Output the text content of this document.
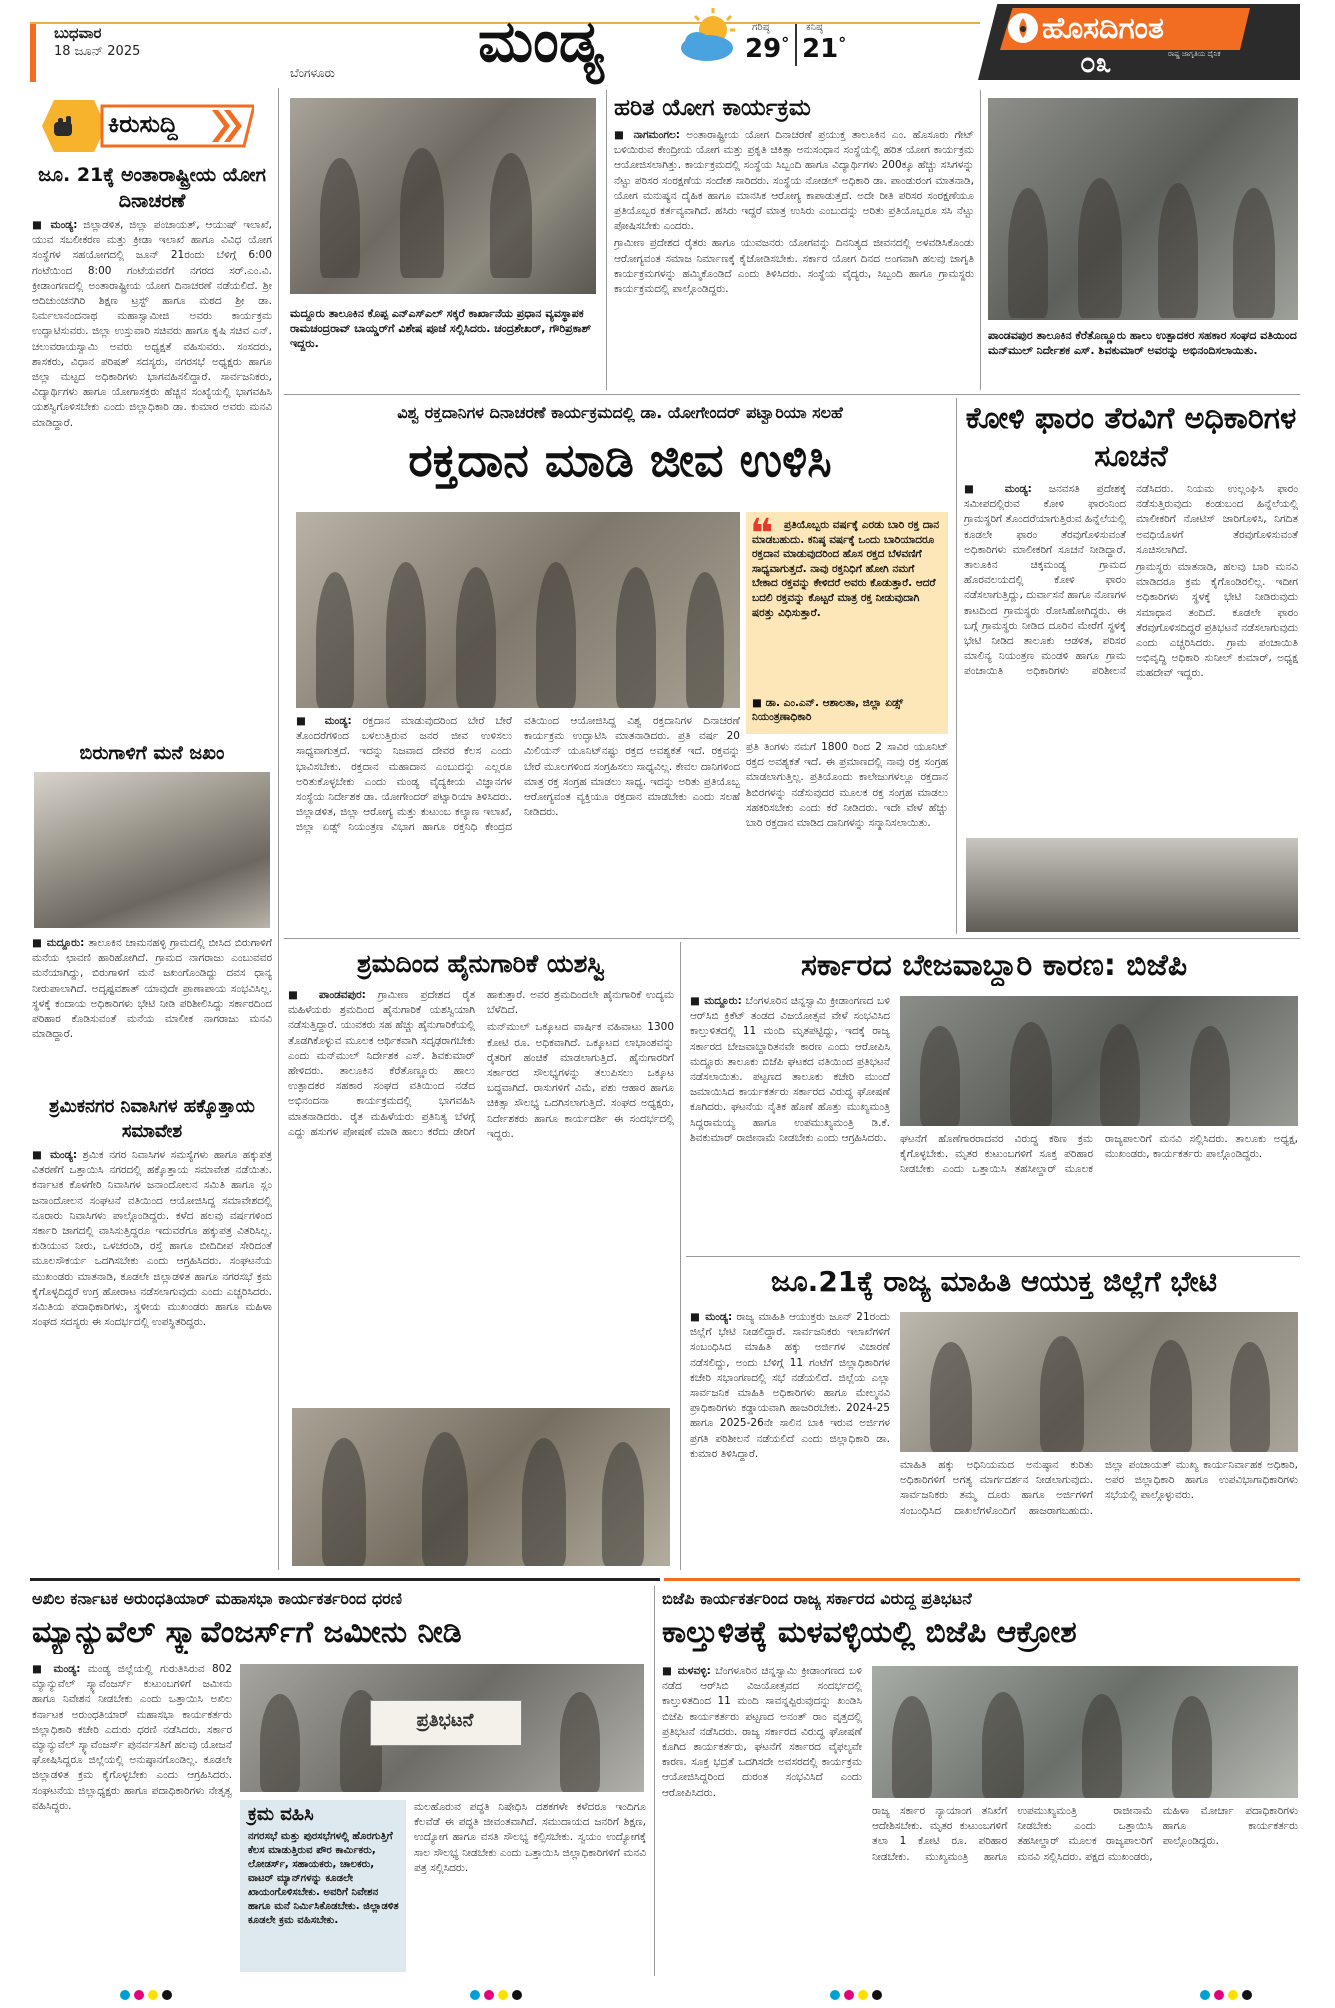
ಬುಧವಾರ
18 ಜೂನ್ 2025
ಬೆಂಗಳೂರು ಮಂಡ್ಯ	ಗರಿಷ್ಠ
29°
ಕನಿಷ್ಠ
21°	ಹೊಸದಿಗಂತ
ರಾಷ್ಟ್ರ ಜಾಗೃತಿಯ ದೈನಿಕ
೦೩
ಕಿರುಸುದ್ದಿ
ಜೂ. 21ಕ್ಕೆ ಅಂತಾರಾಷ್ಟ್ರೀಯ ಯೋಗ ದಿನಾಚರಣೆ
■ ಮಂಡ್ಯ: ಜಿಲ್ಲಾಡಳಿತ, ಜಿಲ್ಲಾ ಪಂಚಾಯತ್, ಆಯುಷ್ ಇಲಾಖೆ, ಯುವ ಸಬಲೀಕರಣ ಮತ್ತು ಕ್ರೀಡಾ ಇಲಾಖೆ ಹಾಗೂ ವಿವಿಧ ಯೋಗ ಸಂಸ್ಥೆಗಳ ಸಹಯೋಗದಲ್ಲಿ ಜೂನ್ 21ರಂದು ಬೆಳಿಗ್ಗೆ 6:00 ಗಂಟೆಯಿಂದ 8:00 ಗಂಟೆಯವರೆಗೆ ನಗರದ ಸರ್.ಎಂ.ವಿ. ಕ್ರೀಡಾಂಗಣದಲ್ಲಿ ಅಂತಾರಾಷ್ಟ್ರೀಯ ಯೋಗ ದಿನಾಚರಣೆ ನಡೆಯಲಿದೆ. ಶ್ರೀ ಆದಿಚುಂಚನಗಿರಿ ಶಿಕ್ಷಣ ಟ್ರಸ್ಟ್ ಹಾಗೂ ಮಠದ ಶ್ರೀ ಡಾ. ನಿರ್ಮಲಾನಂದನಾಥ ಮಹಾಸ್ವಾಮೀಜಿ ಅವರು ಕಾರ್ಯಕ್ರಮ ಉದ್ಘಾಟಿಸುವರು. ಜಿಲ್ಲಾ ಉಸ್ತುವಾರಿ ಸಚಿವರು ಹಾಗೂ ಕೃಷಿ ಸಚಿವ ಎನ್. ಚಲುವರಾಯಸ್ವಾಮಿ ಅವರು ಅಧ್ಯಕ್ಷತೆ ವಹಿಸುವರು. ಸಂಸದರು, ಶಾಸಕರು, ವಿಧಾನ ಪರಿಷತ್ ಸದಸ್ಯರು, ನಗರಸಭೆ ಅಧ್ಯಕ್ಷರು ಹಾಗೂ ಜಿಲ್ಲಾ ಮಟ್ಟದ ಅಧಿಕಾರಿಗಳು ಭಾಗವಹಿಸಲಿದ್ದಾರೆ. ಸಾರ್ವಜನಿಕರು, ವಿದ್ಯಾರ್ಥಿಗಳು ಹಾಗೂ ಯೋಗಾಸಕ್ತರು ಹೆಚ್ಚಿನ ಸಂಖ್ಯೆಯಲ್ಲಿ ಭಾಗವಹಿಸಿ ಯಶಸ್ವಿಗೊಳಿಸಬೇಕು ಎಂದು ಜಿಲ್ಲಾಧಿಕಾರಿ ಡಾ. ಕುಮಾರ ಅವರು ಮನವಿ ಮಾಡಿದ್ದಾರೆ.
ಬಿರುಗಾಳಿಗೆ ಮನೆ ಜಖಂ
■ ಮದ್ದೂರು: ತಾಲೂಕಿನ ಚಾಮನಹಳ್ಳಿ ಗ್ರಾಮದಲ್ಲಿ ಬೀಸಿದ ಬಿರುಗಾಳಿಗೆ ಮನೆಯ ಛಾವಣಿ ಹಾರಿಹೋಗಿದೆ. ಗ್ರಾಮದ ನಾಗರಾಜು ಎಂಬುವವರ ಮನೆಯಾಗಿದ್ದು, ಬಿರುಗಾಳಿಗೆ ಮನೆ ಜಖಂಗೊಂಡಿದ್ದು ದವಸ ಧಾನ್ಯ ನೀರುಪಾಲಾಗಿದೆ. ಅದೃಷ್ಟವಶಾತ್ ಯಾವುದೇ ಪ್ರಾಣಾಪಾಯ ಸಂಭವಿಸಿಲ್ಲ. ಸ್ಥಳಕ್ಕೆ ಕಂದಾಯ ಅಧಿಕಾರಿಗಳು ಭೇಟಿ ನೀಡಿ ಪರಿಶೀಲಿಸಿದ್ದು ಸರ್ಕಾರದಿಂದ ಪರಿಹಾರ ಕೊಡಿಸುವಂತೆ ಮನೆಯ ಮಾಲೀಕ ನಾಗರಾಜು ಮನವಿ ಮಾಡಿದ್ದಾರೆ.
ಶ್ರಮಿಕನಗರ ನಿವಾಸಿಗಳ ಹಕ್ಕೊತ್ತಾಯ ಸಮಾವೇಶ
■ ಮಂಡ್ಯ: ಶ್ರಮಿಕ ನಗರ ನಿವಾಸಿಗಳ ಸಮಸ್ಯೆಗಳು ಹಾಗೂ ಹಕ್ಕುಪತ್ರ ವಿತರಣೆಗೆ ಒತ್ತಾಯಿಸಿ ನಗರದಲ್ಲಿ ಹಕ್ಕೊತ್ತಾಯ ಸಮಾವೇಶ ನಡೆಯಿತು. ಕರ್ನಾಟಕ ಕೊಳಗೇರಿ ನಿವಾಸಿಗಳ ಜನಾಂದೋಲನ ಸಮಿತಿ ಹಾಗೂ ಸ್ಲಂ ಜನಾಂದೋಲನ ಸಂಘಟನೆ ವತಿಯಿಂದ ಆಯೋಜಿಸಿದ್ದ ಸಮಾವೇಶದಲ್ಲಿ ನೂರಾರು ನಿವಾಸಿಗಳು ಪಾಲ್ಗೊಂಡಿದ್ದರು. ಕಳೆದ ಹಲವು ವರ್ಷಗಳಿಂದ ಸರ್ಕಾರಿ ಜಾಗದಲ್ಲಿ ವಾಸಿಸುತ್ತಿದ್ದರೂ ಇದುವರೆಗೂ ಹಕ್ಕುಪತ್ರ ವಿತರಿಸಿಲ್ಲ. ಕುಡಿಯುವ ನೀರು, ಒಳಚರಂಡಿ, ರಸ್ತೆ ಹಾಗೂ ಬೀದಿದೀಪ ಸೇರಿದಂತೆ ಮೂಲಸೌಕರ್ಯ ಒದಗಿಸಬೇಕು ಎಂದು ಆಗ್ರಹಿಸಿದರು. ಸಂಘಟನೆಯ ಮುಖಂಡರು ಮಾತನಾಡಿ, ಕೂಡಲೇ ಜಿಲ್ಲಾಡಳಿತ ಹಾಗೂ ನಗರಸಭೆ ಕ್ರಮ ಕೈಗೊಳ್ಳದಿದ್ದರೆ ಉಗ್ರ ಹೋರಾಟ ನಡೆಸಲಾಗುವುದು ಎಂದು ಎಚ್ಚರಿಸಿದರು. ಸಮಿತಿಯ ಪದಾಧಿಕಾರಿಗಳು, ಸ್ಥಳೀಯ ಮುಖಂಡರು ಹಾಗೂ ಮಹಿಳಾ ಸಂಘದ ಸದಸ್ಯರು ಈ ಸಂದರ್ಭದಲ್ಲಿ ಉಪಸ್ಥಿತರಿದ್ದರು.
ಮದ್ದೂರು ತಾಲೂಕಿನ ಕೊಪ್ಪ ಎನ್‌ಎಸ್‌ಎಲ್ ಸಕ್ಕರೆ ಕಾರ್ಖಾನೆಯ ಪ್ರಧಾನ ವ್ಯವಸ್ಥಾಪಕ ರಾಮಚಂದ್ರರಾವ್ ಬಾಯ್ಡರ್‌ಗೆ ವಿಶೇಷ ಪೂಜೆ ಸಲ್ಲಿಸಿದರು. ಚಂದ್ರಶೇಖರ್, ಗೌರಿಪ್ರಕಾಶ್ ಇದ್ದರು.
ಹರಿತ ಯೋಗ ಕಾರ್ಯಕ್ರಮ

■ ನಾಗಮಂಗಲ: ಅಂತಾರಾಷ್ಟ್ರೀಯ ಯೋಗ ದಿನಾಚರಣೆ ಪ್ರಯುಕ್ತ ತಾಲೂಕಿನ ಎಂ. ಹೊಸೂರು ಗೇಟ್ ಬಳಿಯಿರುವ ಕೇಂದ್ರೀಯ ಯೋಗ ಮತ್ತು ಪ್ರಕೃತಿ ಚಿಕಿತ್ಸಾ ಅನುಸಂಧಾನ ಸಂಸ್ಥೆಯಲ್ಲಿ ಹರಿತ ಯೋಗ ಕಾರ್ಯಕ್ರಮ ಆಯೋಜಿಸಲಾಗಿತ್ತು. ಕಾರ್ಯಕ್ರಮದಲ್ಲಿ ಸಂಸ್ಥೆಯ ಸಿಬ್ಬಂದಿ ಹಾಗೂ ವಿದ್ಯಾರ್ಥಿಗಳು 200ಕ್ಕೂ ಹೆಚ್ಚು ಸಸಿಗಳನ್ನು ನೆಟ್ಟು ಪರಿಸರ ಸಂರಕ್ಷಣೆಯ ಸಂದೇಶ ಸಾರಿದರು. ಸಂಸ್ಥೆಯ ನೋಡಲ್ ಅಧಿಕಾರಿ ಡಾ. ಪಾಂಡುರಂಗ ಮಾತನಾಡಿ, ಯೋಗ ಮನುಷ್ಯನ ದೈಹಿಕ ಹಾಗೂ ಮಾನಸಿಕ ಆರೋಗ್ಯ ಕಾಪಾಡುತ್ತದೆ. ಅದೇ ರೀತಿ ಪರಿಸರ ಸಂರಕ್ಷಣೆಯೂ ಪ್ರತಿಯೊಬ್ಬರ ಕರ್ತವ್ಯವಾಗಿದೆ. ಹಸಿರು ಇದ್ದರೆ ಮಾತ್ರ ಉಸಿರು ಎಂಬುದನ್ನು ಅರಿತು ಪ್ರತಿಯೊಬ್ಬರೂ ಸಸಿ ನೆಟ್ಟು ಪೋಷಿಸಬೇಕು ಎಂದರು.

ಗ್ರಾಮೀಣ ಪ್ರದೇಶದ ರೈತರು ಹಾಗೂ ಯುವಜನರು ಯೋಗವನ್ನು ದಿನನಿತ್ಯದ ಜೀವನದಲ್ಲಿ ಅಳವಡಿಸಿಕೊಂಡು ಆರೋಗ್ಯವಂತ ಸಮಾಜ ನಿರ್ಮಾಣಕ್ಕೆ ಕೈಜೋಡಿಸಬೇಕು. ಸರ್ಕಾರ ಯೋಗ ದಿನದ ಅಂಗವಾಗಿ ಹಲವು ಜಾಗೃತಿ ಕಾರ್ಯಕ್ರಮಗಳನ್ನು ಹಮ್ಮಿಕೊಂಡಿದೆ ಎಂದು ತಿಳಿಸಿದರು. ಸಂಸ್ಥೆಯ ವೈದ್ಯರು, ಸಿಬ್ಬಂದಿ ಹಾಗೂ ಗ್ರಾಮಸ್ಥರು ಕಾರ್ಯಕ್ರಮದಲ್ಲಿ ಪಾಲ್ಗೊಂಡಿದ್ದರು.

ಪಾಂಡವಪುರ ತಾಲೂಕಿನ ಕೆರೆತೊಣ್ಣೂರು ಹಾಲು ಉತ್ಪಾದಕರ ಸಹಕಾರ ಸಂಘದ ವತಿಯಿಂದ ಮನ್‌ಮುಲ್ ನಿರ್ದೇಶಕ ಎಸ್. ಶಿವಕುಮಾರ್ ಅವರನ್ನು ಅಭಿನಂದಿಸಲಾಯಿತು.
ವಿಶ್ವ ರಕ್ತದಾನಿಗಳ ದಿನಾಚರಣೆ ಕಾರ್ಯಕ್ರಮದಲ್ಲಿ ಡಾ. ಯೋಗೇಂದರ್ ಪಟ್ವಾರಿಯಾ ಸಲಹೆ
ರಕ್ತದಾನ ಮಾಡಿ ಜೀವ ಉಳಿಸಿ
❝	ಪ್ರತಿಯೊಬ್ಬರು ವರ್ಷಕ್ಕೆ ಎರಡು ಬಾರಿ ರಕ್ತ ದಾನ ಮಾಡಬಹುದು. ಕನಿಷ್ಠ ವರ್ಷಕ್ಕೆ ಒಂದು ಬಾರಿಯಾದರೂ ರಕ್ತದಾನ ಮಾಡುವುದರಿಂದ ಹೊಸ ರಕ್ತದ ಬೆಳವಣಿಗೆ ಸಾಧ್ಯವಾಗುತ್ತದೆ. ನಾವು ರಕ್ತನಿಧಿಗೆ ಹೋಗಿ ನಮಗೆ ಬೇಕಾದ ರಕ್ತವನ್ನು ಕೇಳಿದರೆ ಅವರು ಕೊಡುತ್ತಾರೆ. ಆದರೆ ಬದಲಿ ರಕ್ತವನ್ನು ಕೊಟ್ಟರೆ ಮಾತ್ರ ರಕ್ತ ನೀಡುವುದಾಗಿ ಷರತ್ತು ವಿಧಿಸುತ್ತಾರೆ.
■ ಡಾ. ಎಂ.ಎನ್. ಆಶಾಲತಾ, ಜಿಲ್ಲಾ ಏಡ್ಸ್ ನಿಯಂತ್ರಣಾಧಿಕಾರಿ
■ ಮಂಡ್ಯ: ರಕ್ತದಾನ ಮಾಡುವುದರಿಂದ ಬೇರೆ ಬೇರೆ ತೊಂದರೆಗಳಿಂದ ಬಳಲುತ್ತಿರುವ ಜನರ ಜೀವ ಉಳಿಸಲು ಸಾಧ್ಯವಾಗುತ್ತದೆ. ಇದನ್ನು ನಿಜವಾದ ದೇವರ ಕೆಲಸ ಎಂದು ಭಾವಿಸಬೇಕು. ರಕ್ತದಾನ ಮಹಾದಾನ ಎಂಬುದನ್ನು ಎಲ್ಲರೂ ಅರಿತುಕೊಳ್ಳಬೇಕು ಎಂದು ಮಂಡ್ಯ ವೈದ್ಯಕೀಯ ವಿಜ್ಞಾನಗಳ ಸಂಸ್ಥೆಯ ನಿರ್ದೇಶಕ ಡಾ. ಯೋಗೇಂದರ್ ಪಟ್ವಾರಿಯಾ ತಿಳಿಸಿದರು. ಜಿಲ್ಲಾಡಳಿತ, ಜಿಲ್ಲಾ ಆರೋಗ್ಯ ಮತ್ತು ಕುಟುಂಬ ಕಲ್ಯಾಣ ಇಲಾಖೆ, ಜಿಲ್ಲಾ ಏಡ್ಸ್ ನಿಯಂತ್ರಣ ವಿಭಾಗ ಹಾಗೂ ರಕ್ತನಿಧಿ ಕೇಂದ್ರದ ವತಿಯಿಂದ ಆಯೋಜಿಸಿದ್ದ ವಿಶ್ವ ರಕ್ತದಾನಿಗಳ ದಿನಾಚರಣೆ ಕಾರ್ಯಕ್ರಮ ಉದ್ಘಾಟಿಸಿ ಮಾತನಾಡಿದರು. ಪ್ರತಿ ವರ್ಷ 20 ಮಿಲಿಯನ್ ಯೂನಿಟ್‌ನಷ್ಟು ರಕ್ತದ ಅವಶ್ಯಕತೆ ಇದೆ. ರಕ್ತವನ್ನು ಬೇರೆ ಮೂಲಗಳಿಂದ ಸಂಗ್ರಹಿಸಲು ಸಾಧ್ಯವಿಲ್ಲ. ಕೇವಲ ದಾನಿಗಳಿಂದ ಮಾತ್ರ ರಕ್ತ ಸಂಗ್ರಹ ಮಾಡಲು ಸಾಧ್ಯ. ಇದನ್ನು ಅರಿತು ಪ್ರತಿಯೊಬ್ಬ ಆರೋಗ್ಯವಂತ ವ್ಯಕ್ತಿಯೂ ರಕ್ತದಾನ ಮಾಡಬೇಕು ಎಂದು ಸಲಹೆ ನೀಡಿದರು.
ಪ್ರತಿ ತಿಂಗಳು ನಮಗೆ 1800 ರಿಂದ 2 ಸಾವಿರ ಯೂನಿಟ್ ರಕ್ತದ ಅವಶ್ಯಕತೆ ಇದೆ. ಈ ಪ್ರಮಾಣದಲ್ಲಿ ನಾವು ರಕ್ತ ಸಂಗ್ರಹ ಮಾಡಲಾಗುತ್ತಿಲ್ಲ. ಪ್ರತಿಯೊಂದು ಕಾಲೇಜುಗಳಲ್ಲೂ ರಕ್ತದಾನ ಶಿಬಿರಗಳನ್ನು ನಡೆಸುವುದರ ಮೂಲಕ ರಕ್ತ ಸಂಗ್ರಹ ಮಾಡಲು ಸಹಕರಿಸಬೇಕು ಎಂದು ಕರೆ ನೀಡಿದರು. ಇದೇ ವೇಳೆ ಹೆಚ್ಚು ಬಾರಿ ರಕ್ತದಾನ ಮಾಡಿದ ದಾನಿಗಳನ್ನು ಸನ್ಮಾನಿಸಲಾಯಿತು.
ಕೋಳಿ ಫಾರಂ ತೆರವಿಗೆ ಅಧಿಕಾರಿಗಳ ಸೂಚನೆ

■ ಮಂಡ್ಯ: ಜನವಸತಿ ಪ್ರದೇಶಕ್ಕೆ ಸಮೀಪದಲ್ಲಿರುವ ಕೋಳಿ ಫಾರಂನಿಂದ ಗ್ರಾಮಸ್ಥರಿಗೆ ತೊಂದರೆಯಾಗುತ್ತಿರುವ ಹಿನ್ನೆಲೆಯಲ್ಲಿ ಕೂಡಲೇ ಫಾರಂ ತೆರವುಗೊಳಿಸುವಂತೆ ಅಧಿಕಾರಿಗಳು ಮಾಲೀಕರಿಗೆ ಸೂಚನೆ ನೀಡಿದ್ದಾರೆ. ತಾಲೂಕಿನ ಚಿಕ್ಕಮಂಡ್ಯ ಗ್ರಾಮದ ಹೊರವಲಯದಲ್ಲಿ ಕೋಳಿ ಫಾರಂ ನಡೆಸಲಾಗುತ್ತಿದ್ದು, ದುರ್ವಾಸನೆ ಹಾಗೂ ನೊಣಗಳ ಕಾಟದಿಂದ ಗ್ರಾಮಸ್ಥರು ರೋಸಿಹೋಗಿದ್ದರು. ಈ ಬಗ್ಗೆ ಗ್ರಾಮಸ್ಥರು ನೀಡಿದ ದೂರಿನ ಮೇರೆಗೆ ಸ್ಥಳಕ್ಕೆ ಭೇಟಿ ನೀಡಿದ ತಾಲೂಕು ಆಡಳಿತ, ಪರಿಸರ ಮಾಲಿನ್ಯ ನಿಯಂತ್ರಣ ಮಂಡಳಿ ಹಾಗೂ ಗ್ರಾಮ ಪಂಚಾಯಿತಿ ಅಧಿಕಾರಿಗಳು ಪರಿಶೀಲನೆ ನಡೆಸಿದರು. ನಿಯಮ ಉಲ್ಲಂಘಿಸಿ ಫಾರಂ ನಡೆಸುತ್ತಿರುವುದು ಕಂಡುಬಂದ ಹಿನ್ನೆಲೆಯಲ್ಲಿ ಮಾಲೀಕರಿಗೆ ನೋಟಿಸ್ ಜಾರಿಗೊಳಿಸಿ, ನಿಗದಿತ ಅವಧಿಯೊಳಗೆ ತೆರವುಗೊಳಿಸುವಂತೆ ಸೂಚಿಸಲಾಗಿದೆ.

ಗ್ರಾಮಸ್ಥರು ಮಾತನಾಡಿ, ಹಲವು ಬಾರಿ ಮನವಿ ಮಾಡಿದರೂ ಕ್ರಮ ಕೈಗೊಂಡಿರಲಿಲ್ಲ. ಇದೀಗ ಅಧಿಕಾರಿಗಳು ಸ್ಥಳಕ್ಕೆ ಭೇಟಿ ನೀಡಿರುವುದು ಸಮಾಧಾನ ತಂದಿದೆ. ಕೂಡಲೇ ಫಾರಂ ತೆರವುಗೊಳಿಸದಿದ್ದರೆ ಪ್ರತಿಭಟನೆ ನಡೆಸಲಾಗುವುದು ಎಂದು ಎಚ್ಚರಿಸಿದರು. ಗ್ರಾಮ ಪಂಚಾಯಿತಿ ಅಭಿವೃದ್ಧಿ ಅಧಿಕಾರಿ ಸುನೀಲ್ ಕುಮಾರ್, ಅಧ್ಯಕ್ಷ ಮಹದೇವ್ ಇದ್ದರು.

ಶ್ರಮದಿಂದ ಹೈನುಗಾರಿಕೆ ಯಶಸ್ವಿ

■ ಪಾಂಡವಪುರ: ಗ್ರಾಮೀಣ ಪ್ರದೇಶದ ರೈತ ಮಹಿಳೆಯರು ಶ್ರಮದಿಂದ ಹೈನುಗಾರಿಕೆ ಯಶಸ್ವಿಯಾಗಿ ನಡೆಸುತ್ತಿದ್ದಾರೆ. ಯುವಕರು ಸಹ ಹೆಚ್ಚು ಹೈನುಗಾರಿಕೆಯಲ್ಲಿ ತೊಡಗಿಕೊಳ್ಳುವ ಮೂಲಕ ಆರ್ಥಿಕವಾಗಿ ಸದೃಢರಾಗಬೇಕು ಎಂದು ಮನ್‌ಮುಲ್ ನಿರ್ದೇಶಕ ಎಸ್. ಶಿವಕುಮಾರ್ ಹೇಳಿದರು. ತಾಲೂಕಿನ ಕೆರೆತೊಣ್ಣೂರು ಹಾಲು ಉತ್ಪಾದಕರ ಸಹಕಾರ ಸಂಘದ ವತಿಯಿಂದ ನಡೆದ ಅಭಿನಂದನಾ ಕಾರ್ಯಕ್ರಮದಲ್ಲಿ ಭಾಗವಹಿಸಿ ಮಾತನಾಡಿದರು. ರೈತ ಮಹಿಳೆಯರು ಪ್ರತಿನಿತ್ಯ ಬೆಳಗ್ಗೆ ಎದ್ದು ಹಸುಗಳ ಪೋಷಣೆ ಮಾಡಿ ಹಾಲು ಕರೆದು ಡೇರಿಗೆ ಹಾಕುತ್ತಾರೆ. ಅವರ ಶ್ರಮದಿಂದಲೇ ಹೈನುಗಾರಿಕೆ ಉದ್ಯಮ ಬೆಳೆದಿದೆ.

ಮನ್‌ಮುಲ್ ಒಕ್ಕೂಟದ ವಾರ್ಷಿಕ ವಹಿವಾಟು 1300 ಕೋಟಿ ರೂ. ಅಧಿಕವಾಗಿದೆ. ಒಕ್ಕೂಟದ ಲಾಭಾಂಶವನ್ನು ರೈತರಿಗೆ ಹಂಚಿಕೆ ಮಾಡಲಾಗುತ್ತಿದೆ. ಹೈನುಗಾರರಿಗೆ ಸರ್ಕಾರದ ಸೌಲಭ್ಯಗಳನ್ನು ತಲುಪಿಸಲು ಒಕ್ಕೂಟ ಬದ್ಧವಾಗಿದೆ. ರಾಸುಗಳಿಗೆ ವಿಮೆ, ಪಶು ಆಹಾರ ಹಾಗೂ ಚಿಕಿತ್ಸಾ ಸೌಲಭ್ಯ ಒದಗಿಸಲಾಗುತ್ತಿದೆ. ಸಂಘದ ಅಧ್ಯಕ್ಷರು, ನಿರ್ದೇಶಕರು ಹಾಗೂ ಕಾರ್ಯದರ್ಶಿ ಈ ಸಂದರ್ಭದಲ್ಲಿ ಇದ್ದರು.

ಸರ್ಕಾರದ ಬೇಜವಾಬ್ದಾರಿ ಕಾರಣ: ಬಿಜೆಪಿ
■ ಮದ್ದೂರು: ಬೆಂಗಳೂರಿನ ಚಿನ್ನಸ್ವಾಮಿ ಕ್ರೀಡಾಂಗಣದ ಬಳಿ ಆರ್‌ಸಿಬಿ ಕ್ರಿಕೆಟ್ ತಂಡದ ವಿಜಯೋತ್ಸವ ವೇಳೆ ಸಂಭವಿಸಿದ ಕಾಲ್ತುಳಿತದಲ್ಲಿ 11 ಮಂದಿ ಮೃತಪಟ್ಟಿದ್ದು, ಇದಕ್ಕೆ ರಾಜ್ಯ ಸರ್ಕಾರದ ಬೇಜವಾಬ್ದಾರಿತನವೇ ಕಾರಣ ಎಂದು ಆರೋಪಿಸಿ ಮದ್ದೂರು ತಾಲೂಕು ಬಿಜೆಪಿ ಘಟಕದ ವತಿಯಿಂದ ಪ್ರತಿಭಟನೆ ನಡೆಸಲಾಯಿತು. ಪಟ್ಟಣದ ತಾಲೂಕು ಕಚೇರಿ ಮುಂದೆ ಜಮಾಯಿಸಿದ ಕಾರ್ಯಕರ್ತರು ಸರ್ಕಾರದ ವಿರುದ್ಧ ಘೋಷಣೆ ಕೂಗಿದರು. ಘಟನೆಯ ನೈತಿಕ ಹೊಣೆ ಹೊತ್ತು ಮುಖ್ಯಮಂತ್ರಿ ಸಿದ್ದರಾಮಯ್ಯ ಹಾಗೂ ಉಪಮುಖ್ಯಮಂತ್ರಿ ಡಿ.ಕೆ. ಶಿವಕುಮಾರ್ ರಾಜೀನಾಮೆ ನೀಡಬೇಕು ಎಂದು ಆಗ್ರಹಿಸಿದರು.	ಘಟನೆಗೆ ಹೊಣೆಗಾರರಾದವರ ವಿರುದ್ಧ ಕಠಿಣ ಕ್ರಮ ಕೈಗೊಳ್ಳಬೇಕು. ಮೃತರ ಕುಟುಂಬಗಳಿಗೆ ಸೂಕ್ತ ಪರಿಹಾರ ನೀಡಬೇಕು ಎಂದು ಒತ್ತಾಯಿಸಿ ತಹಸೀಲ್ದಾರ್ ಮೂಲಕ ರಾಜ್ಯಪಾಲರಿಗೆ ಮನವಿ ಸಲ್ಲಿಸಿದರು. ತಾಲೂಕು ಅಧ್ಯಕ್ಷ, ಮುಖಂಡರು, ಕಾರ್ಯಕರ್ತರು ಪಾಲ್ಗೊಂಡಿದ್ದರು.
ಜೂ.21ಕ್ಕೆ ರಾಜ್ಯ ಮಾಹಿತಿ ಆಯುಕ್ತ ಜಿಲ್ಲೆಗೆ ಭೇಟಿ
■ ಮಂಡ್ಯ: ರಾಜ್ಯ ಮಾಹಿತಿ ಆಯುಕ್ತರು ಜೂನ್ 21ರಂದು ಜಿಲ್ಲೆಗೆ ಭೇಟಿ ನೀಡಲಿದ್ದಾರೆ. ಸಾರ್ವಜನಿಕರು ಇಲಾಖೆಗಳಿಗೆ ಸಂಬಂಧಿಸಿದ ಮಾಹಿತಿ ಹಕ್ಕು ಅರ್ಜಿಗಳ ವಿಚಾರಣೆ ನಡೆಸಲಿದ್ದು, ಅಂದು ಬೆಳಿಗ್ಗೆ 11 ಗಂಟೆಗೆ ಜಿಲ್ಲಾಧಿಕಾರಿಗಳ ಕಚೇರಿ ಸಭಾಂಗಣದಲ್ಲಿ ಸಭೆ ನಡೆಯಲಿದೆ. ಜಿಲ್ಲೆಯ ಎಲ್ಲಾ ಸಾರ್ವಜನಿಕ ಮಾಹಿತಿ ಅಧಿಕಾರಿಗಳು ಹಾಗೂ ಮೇಲ್ಮನವಿ ಪ್ರಾಧಿಕಾರಿಗಳು ಕಡ್ಡಾಯವಾಗಿ ಹಾಜರಿರಬೇಕು. 2024-25 ಹಾಗೂ 2025-26ನೇ ಸಾಲಿನ ಬಾಕಿ ಇರುವ ಅರ್ಜಿಗಳ ಪ್ರಗತಿ ಪರಿಶೀಲನೆ ನಡೆಯಲಿದೆ ಎಂದು ಜಿಲ್ಲಾಧಿಕಾರಿ ಡಾ. ಕುಮಾರ ತಿಳಿಸಿದ್ದಾರೆ.
ಮಾಹಿತಿ ಹಕ್ಕು ಅಧಿನಿಯಮದ ಅನುಷ್ಠಾನ ಕುರಿತು ಅಧಿಕಾರಿಗಳಿಗೆ ಅಗತ್ಯ ಮಾರ್ಗದರ್ಶನ ನೀಡಲಾಗುವುದು. ಸಾರ್ವಜನಿಕರು ತಮ್ಮ ದೂರು ಹಾಗೂ ಅರ್ಜಿಗಳಿಗೆ ಸಂಬಂಧಿಸಿದ ದಾಖಲೆಗಳೊಂದಿಗೆ ಹಾಜರಾಗಬಹುದು. ಜಿಲ್ಲಾ ಪಂಚಾಯತ್ ಮುಖ್ಯ ಕಾರ್ಯನಿರ್ವಾಹಕ ಅಧಿಕಾರಿ, ಅಪರ ಜಿಲ್ಲಾಧಿಕಾರಿ ಹಾಗೂ ಉಪವಿಭಾಗಾಧಿಕಾರಿಗಳು ಸಭೆಯಲ್ಲಿ ಪಾಲ್ಗೊಳ್ಳುವರು.
ಅಖಿಲ ಕರ್ನಾಟಕ ಅರುಂಧತಿಯಾರ್ ಮಹಾಸಭಾ ಕಾರ್ಯಕರ್ತರಿಂದ ಧರಣಿ
ಮ್ಯಾನ್ಯುವೆಲ್ ಸ್ಕ್ಯಾವೆಂಜರ್ಸ್‌ಗೆ ಜಮೀನು ನೀಡಿ
■ ಮಂಡ್ಯ: ಮಂಡ್ಯ ಜಿಲ್ಲೆಯಲ್ಲಿ ಗುರುತಿಸಿರುವ 802 ಮ್ಯಾನ್ಯುವೆಲ್ ಸ್ಕ್ಯಾವೆಂಜರ್ಸ್ ಕುಟುಂಬಗಳಿಗೆ ಜಮೀನು ಹಾಗೂ ನಿವೇಶನ ನೀಡಬೇಕು ಎಂದು ಒತ್ತಾಯಿಸಿ ಅಖಿಲ ಕರ್ನಾಟಕ ಅರುಂಧತಿಯಾರ್ ಮಹಾಸಭಾ ಕಾರ್ಯಕರ್ತರು ಜಿಲ್ಲಾಧಿಕಾರಿ ಕಚೇರಿ ಎದುರು ಧರಣಿ ನಡೆಸಿದರು. ಸರ್ಕಾರ ಮ್ಯಾನ್ಯುವೆಲ್ ಸ್ಕ್ಯಾವೆಂಜರ್ಸ್ ಪುನರ್ವಸತಿಗೆ ಹಲವು ಯೋಜನೆ ಘೋಷಿಸಿದ್ದರೂ ಜಿಲ್ಲೆಯಲ್ಲಿ ಅನುಷ್ಠಾನಗೊಂಡಿಲ್ಲ. ಕೂಡಲೇ ಜಿಲ್ಲಾಡಳಿತ ಕ್ರಮ ಕೈಗೊಳ್ಳಬೇಕು ಎಂದು ಆಗ್ರಹಿಸಿದರು. ಸಂಘಟನೆಯ ಜಿಲ್ಲಾಧ್ಯಕ್ಷರು ಹಾಗೂ ಪದಾಧಿಕಾರಿಗಳು ನೇತೃತ್ವ ವಹಿಸಿದ್ದರು.
ಪ್ರತಿಭಟನೆ
ಕ್ರಮ ವಹಿಸಿ
ನಗರಸಭೆ ಮತ್ತು ಪುರಸಭೆಗಳಲ್ಲಿ ಹೊರಗುತ್ತಿಗೆ ಕೆಲಸ ಮಾಡುತ್ತಿರುವ ಪೌರ ಕಾರ್ಮಿಕರು, ಲೋಡರ್ಸ್, ಸಹಾಯಕರು, ಚಾಲಕರು, ವಾಟರ್ ಮ್ಯಾನ್‌ಗಳನ್ನು ಕೂಡಲೇ ಖಾಯಂಗೊಳಿಸಬೇಕು. ಅವರಿಗೆ ನಿವೇಶನ ಹಾಗೂ ಮನೆ ನಿರ್ಮಿಸಿಕೊಡಬೇಕು. ಜಿಲ್ಲಾಡಳಿತ ಕೂಡಲೇ ಕ್ರಮ ವಹಿಸಬೇಕು.
ಮಲಹೊರುವ ಪದ್ಧತಿ ನಿಷೇಧಿಸಿ ದಶಕಗಳೇ ಕಳೆದರೂ ಇಂದಿಗೂ ಕೆಲವೆಡೆ ಈ ಪದ್ಧತಿ ಜೀವಂತವಾಗಿದೆ. ಸಮುದಾಯದ ಜನರಿಗೆ ಶಿಕ್ಷಣ, ಉದ್ಯೋಗ ಹಾಗೂ ವಸತಿ ಸೌಲಭ್ಯ ಕಲ್ಪಿಸಬೇಕು. ಸ್ವಯಂ ಉದ್ಯೋಗಕ್ಕೆ ಸಾಲ ಸೌಲಭ್ಯ ನೀಡಬೇಕು ಎಂದು ಒತ್ತಾಯಿಸಿ ಜಿಲ್ಲಾಧಿಕಾರಿಗಳಿಗೆ ಮನವಿ ಪತ್ರ ಸಲ್ಲಿಸಿದರು.
ಬಿಜೆಪಿ ಕಾರ್ಯಕರ್ತರಿಂದ ರಾಜ್ಯ ಸರ್ಕಾರದ ವಿರುದ್ಧ ಪ್ರತಿಭಟನೆ
ಕಾಲ್ತುಳಿತಕ್ಕೆ ಮಳವಳ್ಳಿಯಲ್ಲಿ ಬಿಜೆಪಿ ಆಕ್ರೋಶ
■ ಮಳವಳ್ಳಿ: ಬೆಂಗಳೂರಿನ ಚಿನ್ನಸ್ವಾಮಿ ಕ್ರೀಡಾಂಗಣದ ಬಳಿ ನಡೆದ ಆರ್‌ಸಿಬಿ ವಿಜಯೋತ್ಸವದ ಸಂದರ್ಭದಲ್ಲಿ ಕಾಲ್ತುಳಿತದಿಂದ 11 ಮಂದಿ ಸಾವನ್ನಪ್ಪಿರುವುದನ್ನು ಖಂಡಿಸಿ ಬಿಜೆಪಿ ಕಾರ್ಯಕರ್ತರು ಪಟ್ಟಣದ ಅನಂತ್ ರಾಂ ವೃತ್ತದಲ್ಲಿ ಪ್ರತಿಭಟನೆ ನಡೆಸಿದರು. ರಾಜ್ಯ ಸರ್ಕಾರದ ವಿರುದ್ಧ ಘೋಷಣೆ ಕೂಗಿದ ಕಾರ್ಯಕರ್ತರು, ಘಟನೆಗೆ ಸರ್ಕಾರದ ವೈಫಲ್ಯವೇ ಕಾರಣ. ಸೂಕ್ತ ಭದ್ರತೆ ಒದಗಿಸದೇ ಅವಸರದಲ್ಲಿ ಕಾರ್ಯಕ್ರಮ ಆಯೋಜಿಸಿದ್ದರಿಂದ ದುರಂತ ಸಂಭವಿಸಿದೆ ಎಂದು ಆರೋಪಿಸಿದರು.
ರಾಜ್ಯ ಸರ್ಕಾರ ನ್ಯಾಯಾಂಗ ತನಿಖೆಗೆ ಆದೇಶಿಸಬೇಕು. ಮೃತರ ಕುಟುಂಬಗಳಿಗೆ ತಲಾ 1 ಕೋಟಿ ರೂ. ಪರಿಹಾರ ನೀಡಬೇಕು. ಮುಖ್ಯಮಂತ್ರಿ ಹಾಗೂ ಉಪಮುಖ್ಯಮಂತ್ರಿ ರಾಜೀನಾಮೆ ನೀಡಬೇಕು ಎಂದು ಒತ್ತಾಯಿಸಿ ತಹಸೀಲ್ದಾರ್ ಮೂಲಕ ರಾಜ್ಯಪಾಲರಿಗೆ ಮನವಿ ಸಲ್ಲಿಸಿದರು. ಪಕ್ಷದ ಮುಖಂಡರು, ಮಹಿಳಾ ಮೋರ್ಚಾ ಪದಾಧಿಕಾರಿಗಳು ಹಾಗೂ ಕಾರ್ಯಕರ್ತರು ಪಾಲ್ಗೊಂಡಿದ್ದರು.
